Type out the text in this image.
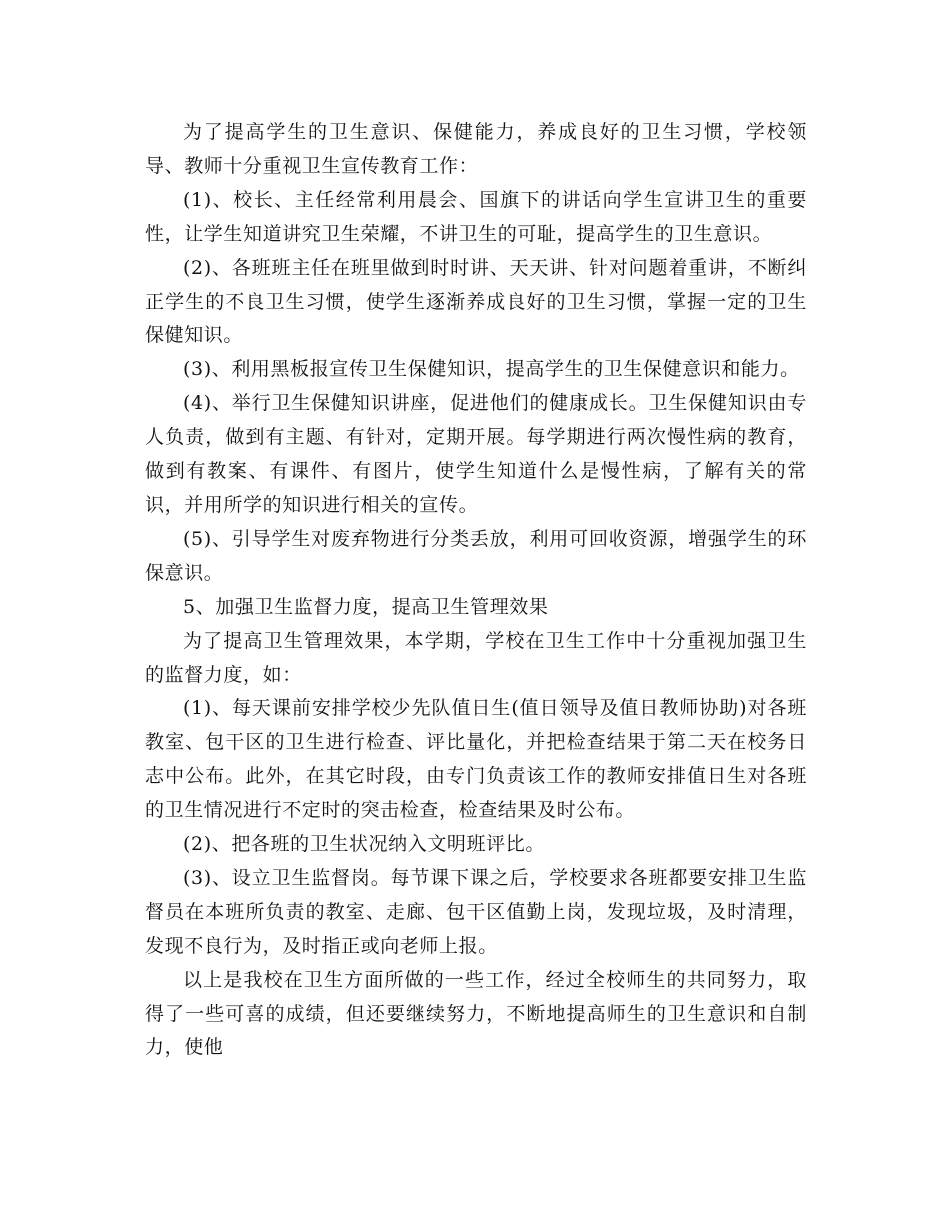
为了提高学生的卫生意识、保健能力，养成良好的卫生习惯，学校领导、教师十分重视卫生宣传教育工作：

(1)、校长、主任经常利用晨会、国旗下的讲话向学生宣讲卫生的重要性，让学生知道讲究卫生荣耀，不讲卫生的可耻，提高学生的卫生意识。

(2)、各班班主任在班里做到时时讲、天天讲、针对问题着重讲，不断纠正学生的不良卫生习惯，使学生逐渐养成良好的卫生习惯，掌握一定的卫生保健知识。

(3)、利用黑板报宣传卫生保健知识，提高学生的卫生保健意识和能力。

(4)、举行卫生保健知识讲座，促进他们的健康成长。卫生保健知识由专人负责，做到有主题、有针对，定期开展。每学期进行两次慢性病的教育，做到有教案、有课件、有图片，使学生知道什么是慢性病，了解有关的常识，并用所学的知识进行相关的宣传。

(5)、引导学生对废弃物进行分类丢放，利用可回收资源，增强学生的环保意识。

5、加强卫生监督力度，提高卫生管理效果

为了提高卫生管理效果，本学期，学校在卫生工作中十分重视加强卫生的监督力度，如：

(1)、每天课前安排学校少先队值日生(值日领导及值日教师协助)对各班教室、包干区的卫生进行检查、评比量化，并把检查结果于第二天在校务日志中公布。此外，在其它时段，由专门负责该工作的教师安排值日生对各班的卫生情况进行不定时的突击检查，检查结果及时公布。

(2)、把各班的卫生状况纳入文明班评比。

(3)、设立卫生监督岗。每节课下课之后，学校要求各班都要安排卫生监督员在本班所负责的教室、走廊、包干区值勤上岗，发现垃圾，及时清理，发现不良行为，及时指正或向老师上报。

以上是我校在卫生方面所做的一些工作，经过全校师生的共同努力，取得了一些可喜的成绩，但还要继续努力，不断地提高师生的卫生意识和自制力，使他
